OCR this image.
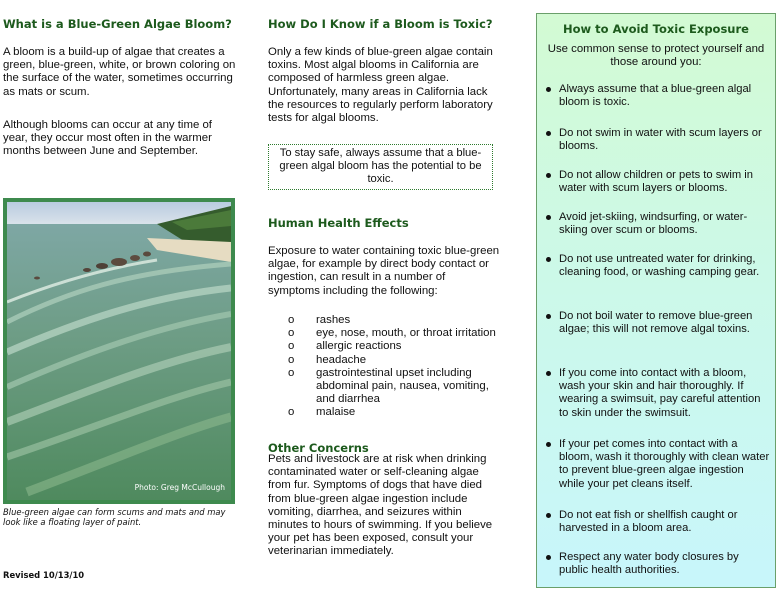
What is a Blue-Green Algae Bloom?

A bloom is a build-up of algae that creates a green, blue-green, white, or brown coloring on the surface of the water, sometimes occurring as mats or scum.

Although blooms can occur at any time of year, they occur most often in the warmer months between June and September.

Photo: Greg McCullough
Blue-green algae can form scums and mats and may look like a floating layer of paint.
Revised 10/13/10
How Do I Know if a Bloom is Toxic?

Only a few kinds of blue-green algae contain toxins. Most algal blooms in California are composed of harmless green algae. Unfortunately, many areas in California lack the resources to regularly perform laboratory tests for algal blooms.

To stay safe, always assume that a blue-green algal bloom has the potential to be toxic.
Human Health Effects

Exposure to water containing toxic blue-green algae, for example by direct body contact or ingestion, can result in a number of symptoms including the following:

o rashes
o eye, nose, mouth, or throat irritation
o allergic reactions
o headache
o gastrointestinal upset including abdominal pain, nausea, vomiting, and diarrhea
o malaise
Other Concerns

Pets and livestock are at risk when drinking contaminated water or self-cleaning algae from fur. Symptoms of dogs that have died from blue-green algae ingestion include vomiting, diarrhea, and seizures within minutes to hours of swimming. If you believe your pet has been exposed, consult your veterinarian immediately.

How to Avoid Toxic Exposure
Use common sense to protect yourself and those around you:
Always assume that a blue-green algal bloom is toxic.
Do not swim in water with scum layers or blooms.
Do not allow children or pets to swim in water with scum layers or blooms.
Avoid jet-skiing, windsurfing, or water-skiing over scum or blooms.
Do not use untreated water for drinking, cleaning food, or washing camping gear.
Do not boil water to remove blue-green algae; this will not remove algal toxins.
If you come into contact with a bloom, wash your skin and hair thoroughly. If wearing a swimsuit, pay careful attention to skin under the swimsuit.
If your pet comes into contact with a bloom, wash it thoroughly with clean water to prevent blue-green algae ingestion while your pet cleans itself.
Do not eat fish or shellfish caught or harvested in a bloom area.
Respect any water body closures by public health authorities.
